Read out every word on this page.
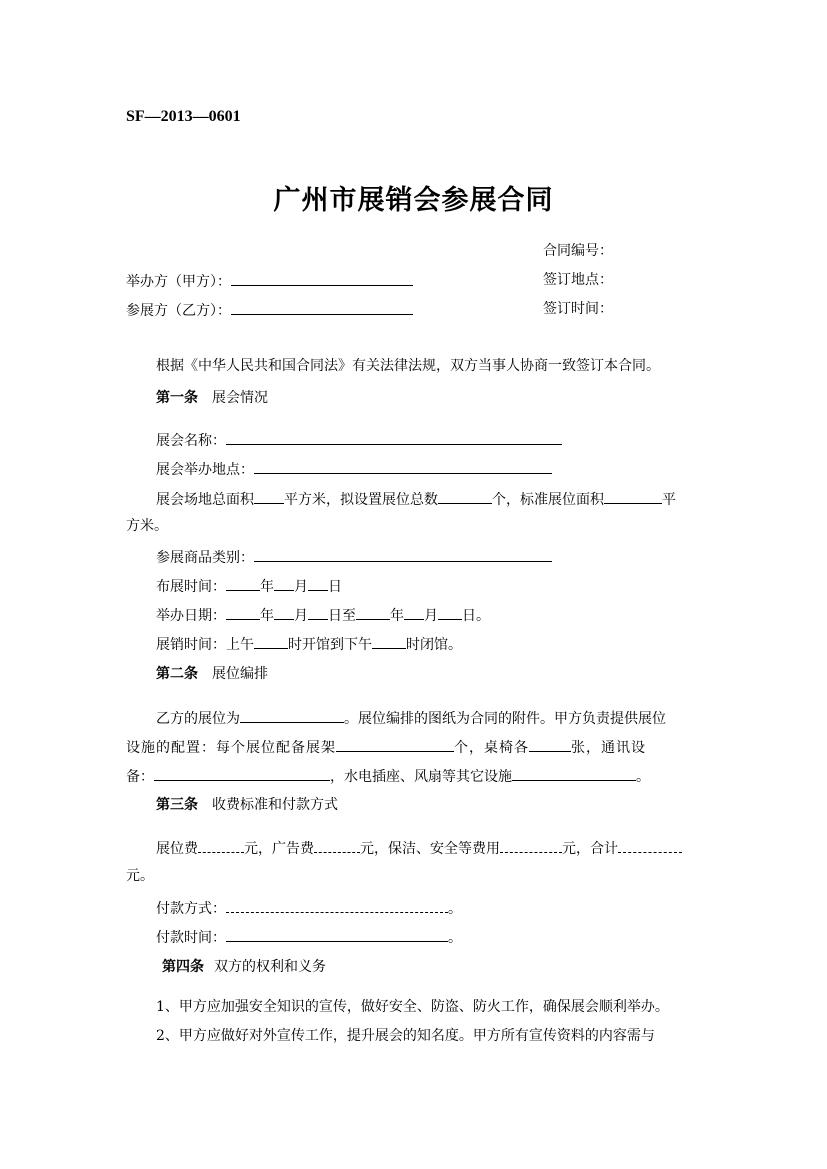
SF—2013—0601
广州市展销会参展合同
合同编号：
举办方（甲方）：	签订地点：
参展方（乙方）：	签订时间：
根据《中华人民共和国合同法》有关法律法规，双方当事人协商一致签订本合同。
第一条 展会情况
展会名称：
展会举办地点：
展会场地总面积 平方米，拟设置展位总数	个，标准展位面积	平
方米。
参展商品类别：
布展时间： 年 月 日
举办日期： 年 月 日至 年 月 日。
展销时间：上午 时开馆到下午 时闭馆。
第二条 展位编排
乙方的展位为	。展位编排的图纸为合同的附件。甲方负责提供展位
设施的配置：每个展位配备展架	个，桌椅各	张，通讯设
备：	，水电插座、风扇等其它设施	。
第三条 收费标准和付款方式
展位费	元，广告费	元，保洁、安全等费用	元，合计
元。
付款方式：	。
付款时间：	。
第四条 双方的权利和义务
1、甲方应加强安全知识的宣传，做好安全、防盗、防火工作，确保展会顺利举办。
2、甲方应做好对外宣传工作，提升展会的知名度。甲方所有宣传资料的内容需与
